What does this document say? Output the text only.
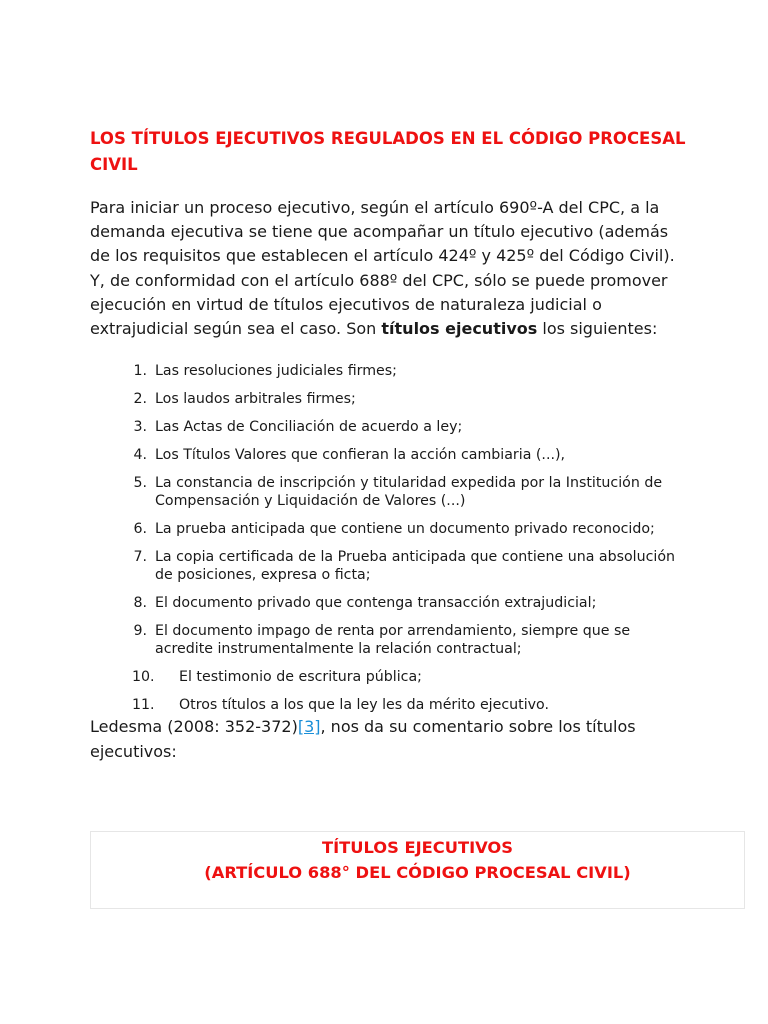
LOS TÍTULOS EJECUTIVOS REGULADOS EN EL CÓDIGO PROCESAL CIVIL

Para iniciar un proceso ejecutivo, según el artículo 690º-A del CPC, a la demanda ejecutiva se tiene que acompañar un título ejecutivo (además de los requisitos que establecen el artículo 424º y 425º del Código Civil). Y, de conformidad con el artículo 688º del CPC, sólo se puede promover ejecución en virtud de títulos ejecutivos de naturaleza judicial o extrajudicial según sea el caso. Son títulos ejecutivos los siguientes:

1. Las resoluciones judiciales firmes;
2. Los laudos arbitrales firmes;
3. Las Actas de Conciliación de acuerdo a ley;
4. Los Títulos Valores que confieran la acción cambiaria (...),
5. La constancia de inscripción y titularidad expedida por la Institución de Compensación y Liquidación de Valores (...)
6. La prueba anticipada que contiene un documento privado reconocido;
7. La copia certificada de la Prueba anticipada que contiene una absolución de posiciones, expresa o ficta;
8. El documento privado que contenga transacción extrajudicial;
9. El documento impago de renta por arrendamiento, siempre que se acredite instrumentalmente la relación contractual;
10. El testimonio de escritura pública;
11. Otros títulos a los que la ley les da mérito ejecutivo.

Ledesma (2008: 352-372)[3], nos da su comentario sobre los títulos ejecutivos:

TÍTULOS EJECUTIVOS
(ARTÍCULO 688° DEL CÓDIGO PROCESAL CIVIL)
